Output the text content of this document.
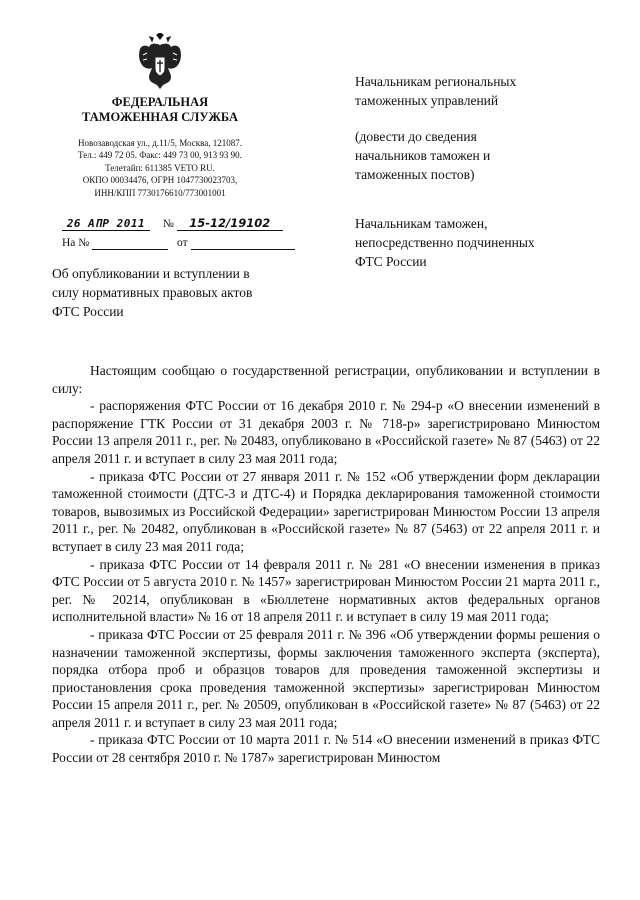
ФЕДЕРАЛЬНАЯ
ТАМОЖЕННАЯ СЛУЖБА
Новозаводская ул., д.11/5, Москва, 121087.
Тел.: 449 72 05. Факс: 449 73 00, 913 93 90.
Телетайп: 611385 VETO RU.
ОКПО 00034476, ОГРН 1047730023703,
ИНН/КПП 7730176610/773001001
26 АПР 2011 № 15-12/19102
На №	от
Об опубликовании и вступлении в
силу нормативных правовых актов
ФТС России
Начальникам региональных
таможенных управлений
(довести до сведения
начальников таможен и
таможенных постов)
Начальникам таможен,
непосредственно подчиненных
ФТС России

Настоящим сообщаю о государственной регистрации, опубликовании и вступлении в силу:

- распоряжения ФТС России от 16 декабря 2010 г. № 294-р «О внесении изменений в распоряжение ГТК России от 31 декабря 2003 г. № 718-р» зарегистрировано Минюстом России 13 апреля 2011 г., рег. № 20483, опубликовано в «Российской газете» № 87 (5463) от 22 апреля 2011 г. и вступает в силу 23 мая 2011 года;

- приказа ФТС России от 27 января 2011 г. № 152 «Об утверждении форм декларации таможенной стоимости (ДТС-3 и ДТС-4) и Порядка декларирования таможенной стоимости товаров, вывозимых из Российской Федерации» зарегистрирован Минюстом России 13 апреля 2011 г., рег. № 20482, опубликован в «Российской газете» № 87 (5463) от 22 апреля 2011 г. и вступает в силу 23 мая 2011 года;

- приказа ФТС России от 14 февраля 2011 г. № 281 «О внесении изменения в приказ ФТС России от 5 августа 2010 г. № 1457» зарегистрирован Минюстом России 21 марта 2011 г., рег. № 20214, опубликован в «Бюллетене нормативных актов федеральных органов исполнительной власти» № 16 от 18 апреля 2011 г. и вступает в силу 19 мая 2011 года;

- приказа ФТС России от 25 февраля 2011 г. № 396 «Об утверждении формы решения о назначении таможенной экспертизы, формы заключения таможенного эксперта (эксперта), порядка отбора проб и образцов товаров для проведения таможенной экспертизы и приостановления срока проведения таможенной экспертизы» зарегистрирован Минюстом России 15 апреля 2011 г., рег. № 20509, опубликован в «Российской газете» № 87 (5463) от 22 апреля 2011 г. и вступает в силу 23 мая 2011 года;

- приказа ФТС России от 10 марта 2011 г. № 514 «О внесении изменений в приказ ФТС России от 28 сентября 2010 г. № 1787» зарегистрирован Минюстом
